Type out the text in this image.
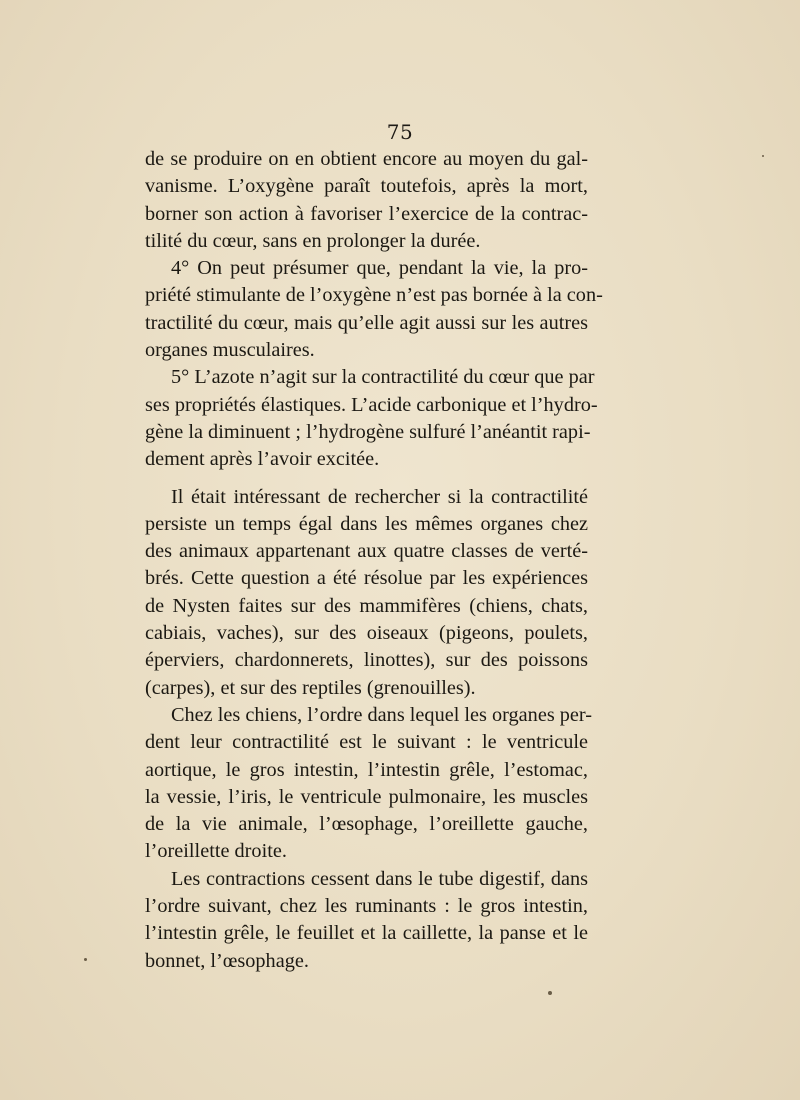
75
de se produire on en obtient encore au moyen du gal-
vanisme. L’oxygène paraît toutefois, après la mort,
borner son action à favoriser l’exercice de la contrac-
tilité du cœur, sans en prolonger la durée.
4° On peut présumer que, pendant la vie, la pro-
priété stimulante de l’oxygène n’est pas bornée à la con-
tractilité du cœur, mais qu’elle agit aussi sur les autres
organes musculaires.
5° L’azote n’agit sur la contractilité du cœur que par
ses propriétés élastiques. L’acide carbonique et l’hydro-
gène la diminuent ; l’hydrogène sulfuré l’anéantit rapi-
dement après l’avoir excitée.
Il était intéressant de rechercher si la contractilité
persiste un temps égal dans les mêmes organes chez
des animaux appartenant aux quatre classes de verté-
brés. Cette question a été résolue par les expériences
de Nysten faites sur des mammifères (chiens, chats,
cabiais, vaches), sur des oiseaux (pigeons, poulets,
éperviers, chardonnerets, linottes), sur des poissons
(carpes), et sur des reptiles (grenouilles).
Chez les chiens, l’ordre dans lequel les organes per-
dent leur contractilité est le suivant : le ventricule
aortique, le gros intestin, l’intestin grêle, l’estomac,
la vessie, l’iris, le ventricule pulmonaire, les muscles
de la vie animale, l’œsophage, l’oreillette gauche,
l’oreillette droite.
Les contractions cessent dans le tube digestif, dans
l’ordre suivant, chez les ruminants : le gros intestin,
l’intestin grêle, le feuillet et la caillette, la panse et le
bonnet, l’œsophage.
